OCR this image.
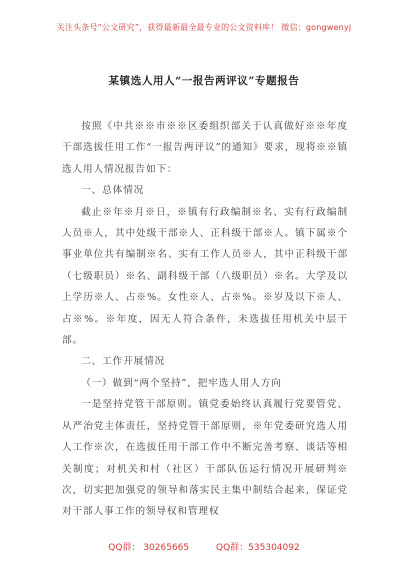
关注头条号“公文研究”，获得最新最全最专业的公文资料库！ 微信：gongwenyj
某镇选人用人“一报告两评议”专题报告

按照《中共※※市※※区委组织部关于认真做好※※年度干部选拔任用工作“一报告两评议”的通知》要求，现将※※镇选人用人情况报告如下：

一、总体情况

截止※年※月※日，※镇有行政编制※名、实有行政编制人员※人，其中处级干部※人、正科级干部※人。镇下属※个事业单位共有编制※名、实有工作人员※人，其中正科级干部（七级职员）※名、副科级干部（八级职员）※名。大学及以上学历※人、占※%。女性※人、占※%。※岁及以下※人、占※%。※年度，因无人符合条件，未选拔任用机关中层干部。

二、工作开展情况

（一）做到“两个坚持”，把牢选人用人方向

一是坚持党管干部原则。镇党委始终认真履行党要管党、从严治党主体责任，坚持党管干部原则，※年党委研究选人用人工作※次，在选拔任用干部工作中不断完善考察、谈话等相关制度；对机关和村（社区）干部队伍运行情况开展研判※次，切实把加强党的领导和落实民主集中制结合起来，保证党对干部人事工作的领导权和管理权

QQ群： 30265665	QQ群：535304092
